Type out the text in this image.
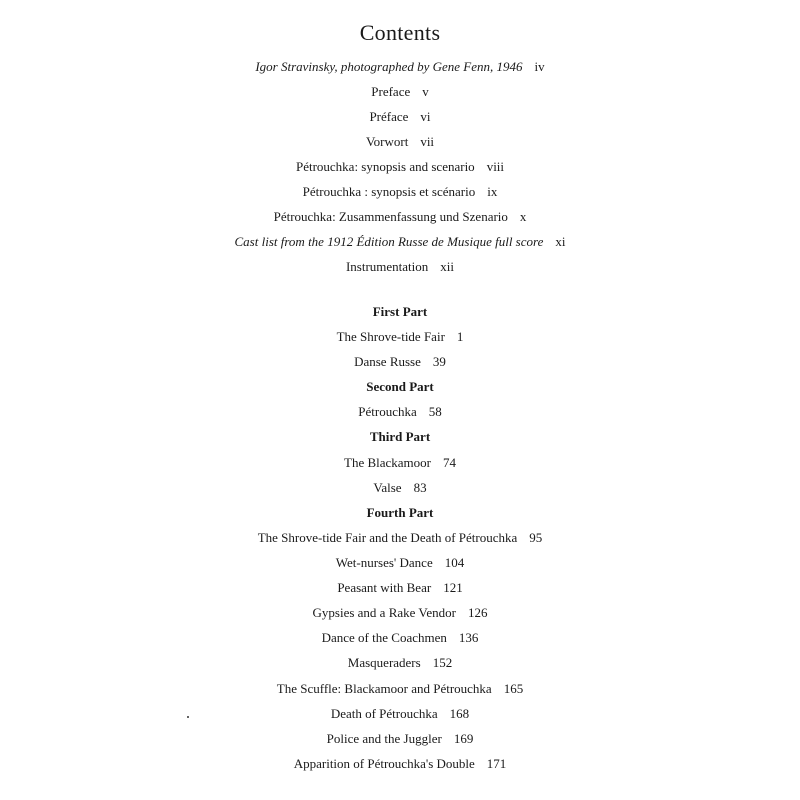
Contents
Igor Stravinsky, photographed by Gene Fenn, 1946 iv
Preface v
Préface vi
Vorwort vii
Pétrouchka: synopsis and scenario viii
Pétrouchka : synopsis et scénario ix
Pétrouchka: Zusammenfassung und Szenario x
Cast list from the 1912 Édition Russe de Musique full score xi
Instrumentation xii
First Part
The Shrove-tide Fair 1
Danse Russe 39
Second Part
Pétrouchka 58
Third Part
The Blackamoor 74
Valse 83
Fourth Part
The Shrove-tide Fair and the Death of Pétrouchka 95
Wet-nurses' Dance 104
Peasant with Bear 121
Gypsies and a Rake Vendor 126
Dance of the Coachmen 136
Masqueraders 152
The Scuffle: Blackamoor and Pétrouchka 165
Death of Pétrouchka 168
Police and the Juggler 169
Apparition of Pétrouchka's Double 171
